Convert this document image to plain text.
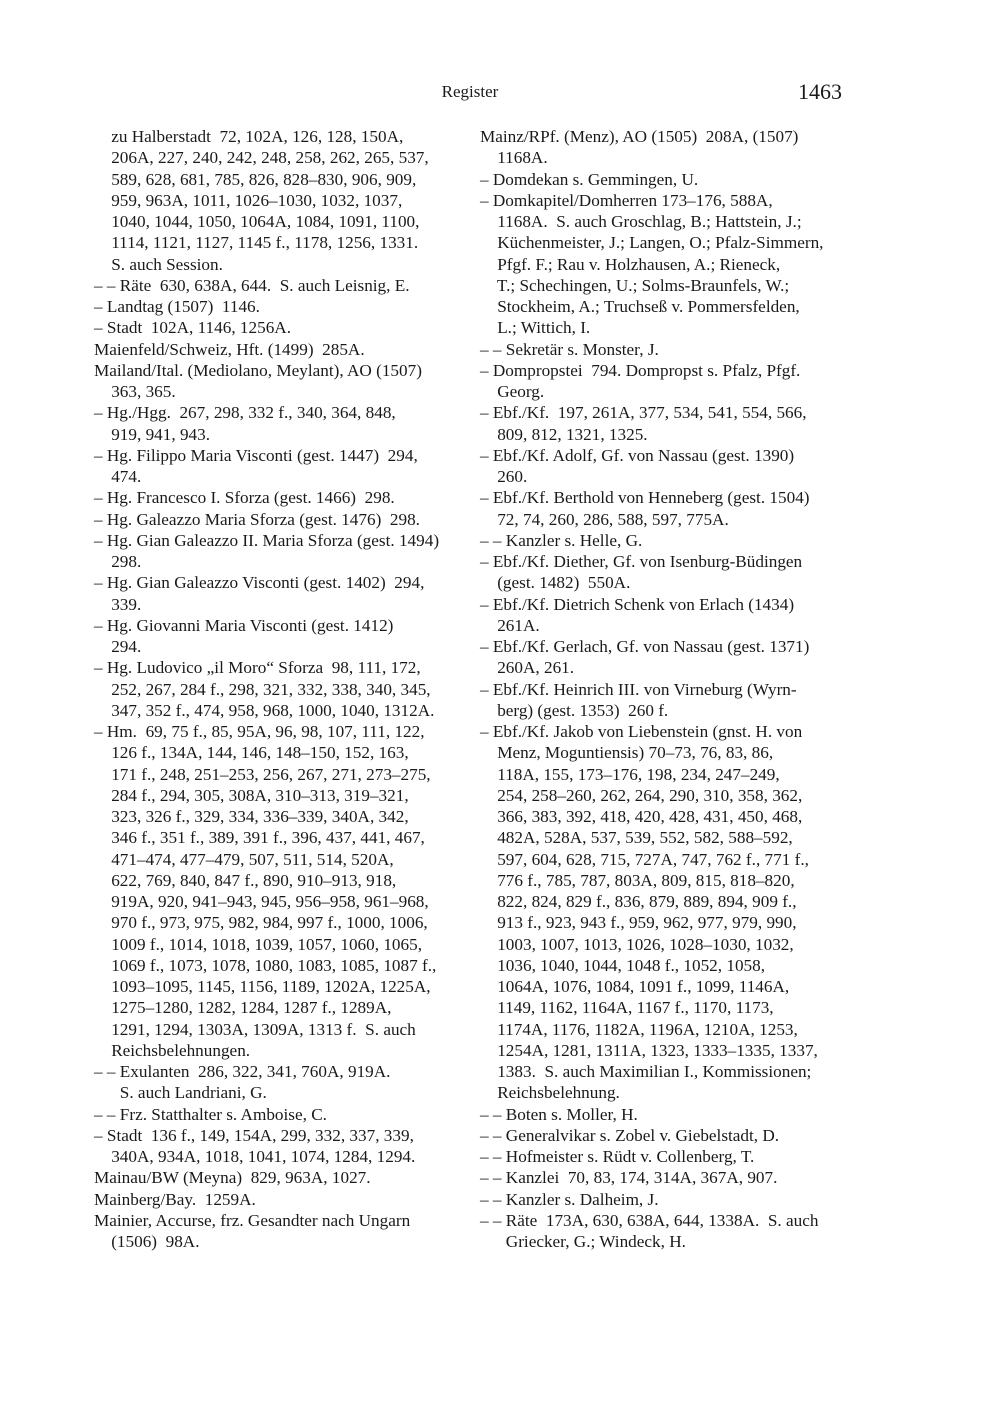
Register	1463
zu Halberstadt  72, 102A, 126, 128, 150A,
206A, 227, 240, 242, 248, 258, 262, 265, 537,
589, 628, 681, 785, 826, 828–830, 906, 909,
959, 963A, 1011, 1026–1030, 1032, 1037,
1040, 1044, 1050, 1064A, 1084, 1091, 1100,
1114, 1121, 1127, 1145 f., 1178, 1256, 1331.
S. auch Session.
– – Räte  630, 638A, 644.  S. auch Leisnig, E.
– Landtag (1507)  1146.
– Stadt  102A, 1146, 1256A.
Maienfeld/Schweiz, Hft. (1499)  285A.
Mailand/Ital. (Mediolano, Meylant), AO (1507)
363, 365.
– Hg./Hgg.  267, 298, 332 f., 340, 364, 848,
919, 941, 943.
– Hg. Filippo Maria Visconti (gest. 1447)  294,
474.
– Hg. Francesco I. Sforza (gest. 1466)  298.
– Hg. Galeazzo Maria Sforza (gest. 1476)  298.
– Hg. Gian Galeazzo II. Maria Sforza (gest. 1494)
298.
– Hg. Gian Galeazzo Visconti (gest. 1402)  294,
339.
– Hg. Giovanni Maria Visconti (gest. 1412)
294.
– Hg. Ludovico „il Moro“ Sforza  98, 111, 172,
252, 267, 284 f., 298, 321, 332, 338, 340, 345,
347, 352 f., 474, 958, 968, 1000, 1040, 1312A.
– Hm.  69, 75 f., 85, 95A, 96, 98, 107, 111, 122,
126 f., 134A, 144, 146, 148–150, 152, 163,
171 f., 248, 251–253, 256, 267, 271, 273–275,
284 f., 294, 305, 308A, 310–313, 319–321,
323, 326 f., 329, 334, 336–339, 340A, 342,
346 f., 351 f., 389, 391 f., 396, 437, 441, 467,
471–474, 477–479, 507, 511, 514, 520A,
622, 769, 840, 847 f., 890, 910–913, 918,
919A, 920, 941–943, 945, 956–958, 961–968,
970 f., 973, 975, 982, 984, 997 f., 1000, 1006,
1009 f., 1014, 1018, 1039, 1057, 1060, 1065,
1069 f., 1073, 1078, 1080, 1083, 1085, 1087 f.,
1093–1095, 1145, 1156, 1189, 1202A, 1225A,
1275–1280, 1282, 1284, 1287 f., 1289A,
1291, 1294, 1303A, 1309A, 1313 f.  S. auch
Reichsbelehnungen.
– – Exulanten  286, 322, 341, 760A, 919A.
S. auch Landriani, G.
– – Frz. Statthalter s. Amboise, C.
– Stadt  136 f., 149, 154A, 299, 332, 337, 339,
340A, 934A, 1018, 1041, 1074, 1284, 1294.
Mainau/BW (Meyna)  829, 963A, 1027.
Mainberg/Bay.  1259A.
Mainier, Accurse, frz. Gesandter nach Ungarn
(1506)  98A.
Mainz/RPf. (Menz), AO (1505)  208A, (1507)
1168A.
– Domdekan s. Gemmingen, U.
– Domkapitel/Domherren 173–176, 588A,
1168A.  S. auch Groschlag, B.; Hattstein, J.;
Küchenmeister, J.; Langen, O.; Pfalz-Simmern,
Pfgf. F.; Rau v. Holzhausen, A.; Rieneck,
T.; Schechingen, U.; Solms-Braunfels, W.;
Stockheim, A.; Truchseß v. Pommersfelden,
L.; Wittich, I.
– – Sekretär s. Monster, J.
– Dompropstei  794. Dompropst s. Pfalz, Pfgf.
Georg.
– Ebf./Kf.  197, 261A, 377, 534, 541, 554, 566,
809, 812, 1321, 1325.
– Ebf./Kf. Adolf, Gf. von Nassau (gest. 1390)
260.
– Ebf./Kf. Berthold von Henneberg (gest. 1504)
72, 74, 260, 286, 588, 597, 775A.
– – Kanzler s. Helle, G.
– Ebf./Kf. Diether, Gf. von Isenburg-Büdingen
(gest. 1482)  550A.
– Ebf./Kf. Dietrich Schenk von Erlach (1434)
261A.
– Ebf./Kf. Gerlach, Gf. von Nassau (gest. 1371)
260A, 261.
– Ebf./Kf. Heinrich III. von Virneburg (Wyrn-
berg) (gest. 1353)  260 f.
– Ebf./Kf. Jakob von Liebenstein (gnst. H. von
Menz, Moguntiensis) 70–73, 76, 83, 86,
118A, 155, 173–176, 198, 234, 247–249,
254, 258–260, 262, 264, 290, 310, 358, 362,
366, 383, 392, 418, 420, 428, 431, 450, 468,
482A, 528A, 537, 539, 552, 582, 588–592,
597, 604, 628, 715, 727A, 747, 762 f., 771 f.,
776 f., 785, 787, 803A, 809, 815, 818–820,
822, 824, 829 f., 836, 879, 889, 894, 909 f.,
913 f., 923, 943 f., 959, 962, 977, 979, 990,
1003, 1007, 1013, 1026, 1028–1030, 1032,
1036, 1040, 1044, 1048 f., 1052, 1058,
1064A, 1076, 1084, 1091 f., 1099, 1146A,
1149, 1162, 1164A, 1167 f., 1170, 1173,
1174A, 1176, 1182A, 1196A, 1210A, 1253,
1254A, 1281, 1311A, 1323, 1333–1335, 1337,
1383.  S. auch Maximilian I., Kommissionen;
Reichsbelehnung.
– – Boten s. Moller, H.
– – Generalvikar s. Zobel v. Giebelstadt, D.
– – Hofmeister s. Rüdt v. Collenberg, T.
– – Kanzlei  70, 83, 174, 314A, 367A, 907.
– – Kanzler s. Dalheim, J.
– – Räte  173A, 630, 638A, 644, 1338A.  S. auch
Griecker, G.; Windeck, H.
